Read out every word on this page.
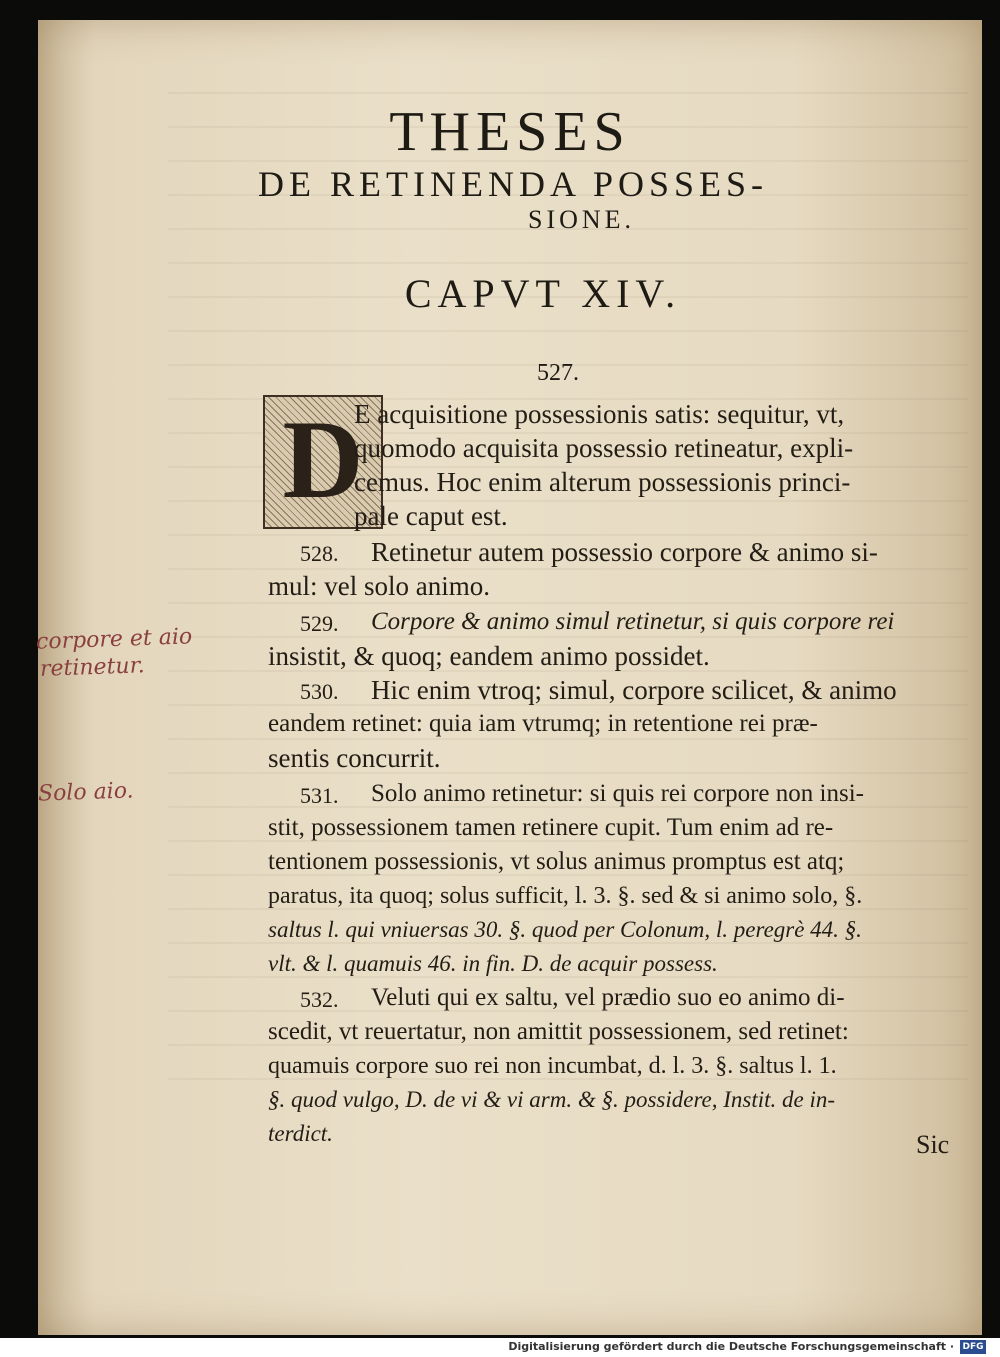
THESES
DE RETINENDA POSSES-
SIONE.
CAPVT XIV.
527.
D
E acquisitione possessionis satis: sequitur, vt,
quomodo acquisita possessio retineatur, expli-
cemus. Hoc enim alterum possessionis princi-
pale caput est.
528. Retinetur autem possessio corpore & animo si-
mul: vel solo animo.
529. Corpore & animo simul retinetur, si quis corpore rei
insistit, & quoq; eandem animo possidet.
530. Hic enim vtroq; simul, corpore scilicet, & animo
eandem retinet: quia iam vtrumq; in retentione rei præ-
sentis concurrit.
531. Solo animo retinetur: si quis rei corpore non insi-
stit, possessionem tamen retinere cupit. Tum enim ad re-
tentionem possessionis, vt solus animus promptus est atq;
paratus, ita quoq; solus sufficit, l. 3. §. sed & si animo solo, §.
saltus l. qui vniuersas 30. §. quod per Colonum, l. peregrè 44. §.
vlt. & l. quamuis 46. in fin. D. de acquir possess.
532. Veluti qui ex saltu, vel prædio suo eo animo di-
scedit, vt reuertatur, non amittit possessionem, sed retinet:
quamuis corpore suo rei non incumbat, d. l. 3. §. saltus l. 1.
§. quod vulgo, D. de vi & vi arm. & §. possidere, Instit. de in-
terdict.
corpore et aio
retinetur.
Solo aio.
Sic
Digitalisierung gefördert durch die Deutsche Forschungsgemeinschaft · DFG
